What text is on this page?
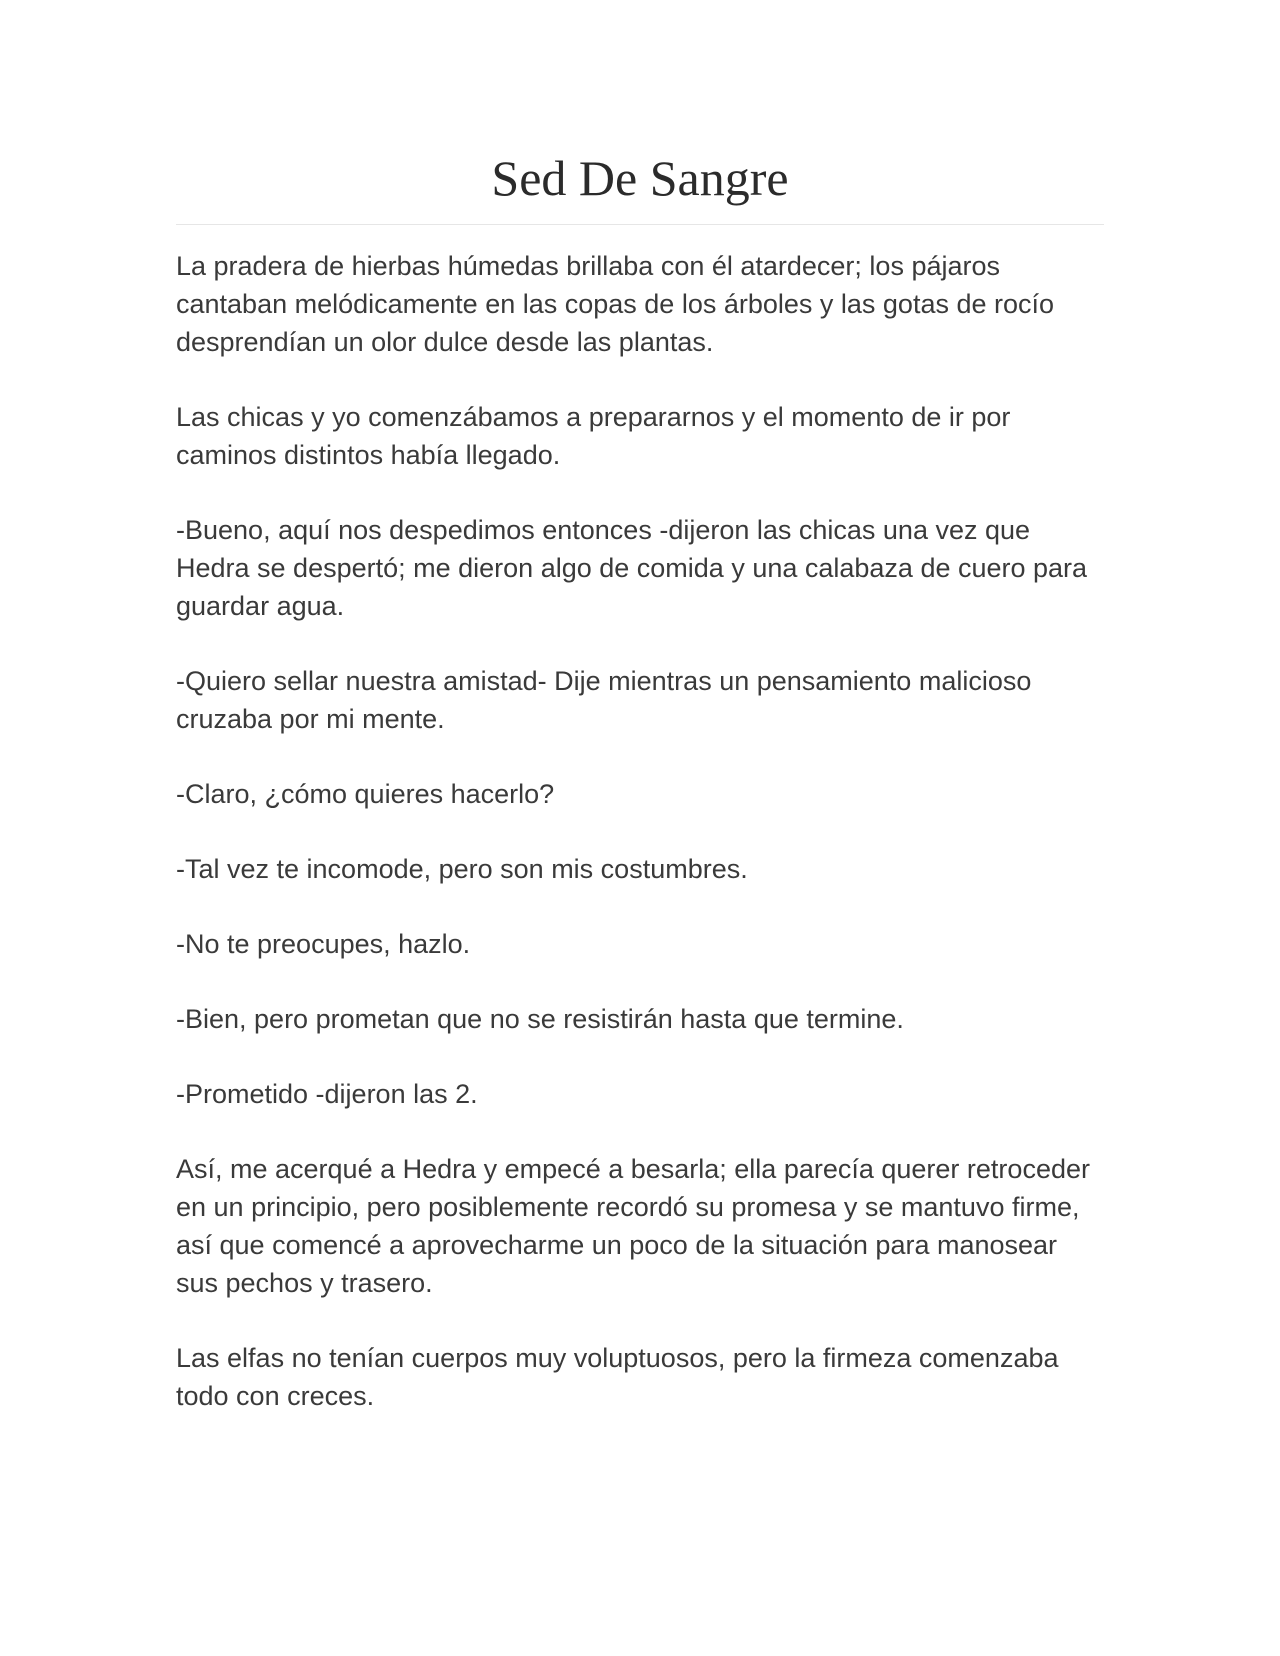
Sed De Sangre

La pradera de hierbas húmedas brillaba con él atardecer; los pájaros cantaban melódicamente en las copas de los árboles y las gotas de rocío desprendían un olor dulce desde las plantas.

Las chicas y yo comenzábamos a prepararnos y el momento de ir por caminos distintos había llegado.

-Bueno, aquí nos despedimos entonces -dijeron las chicas una vez que Hedra se despertó; me dieron algo de comida y una calabaza de cuero para guardar agua.

-Quiero sellar nuestra amistad- Dije mientras un pensamiento malicioso cruzaba por mi mente.

-Claro, ¿cómo quieres hacerlo?

-Tal vez te incomode, pero son mis costumbres.

-No te preocupes, hazlo.

-Bien, pero prometan que no se resistirán hasta que termine.

-Prometido -dijeron las 2.

Así, me acerqué a Hedra y empecé a besarla; ella parecía querer retroceder en un principio, pero posiblemente recordó su promesa y se mantuvo firme, así que comencé a aprovecharme un poco de la situación para manosear sus pechos y trasero.

Las elfas no tenían cuerpos muy voluptuosos, pero la firmeza comenzaba todo con creces.
